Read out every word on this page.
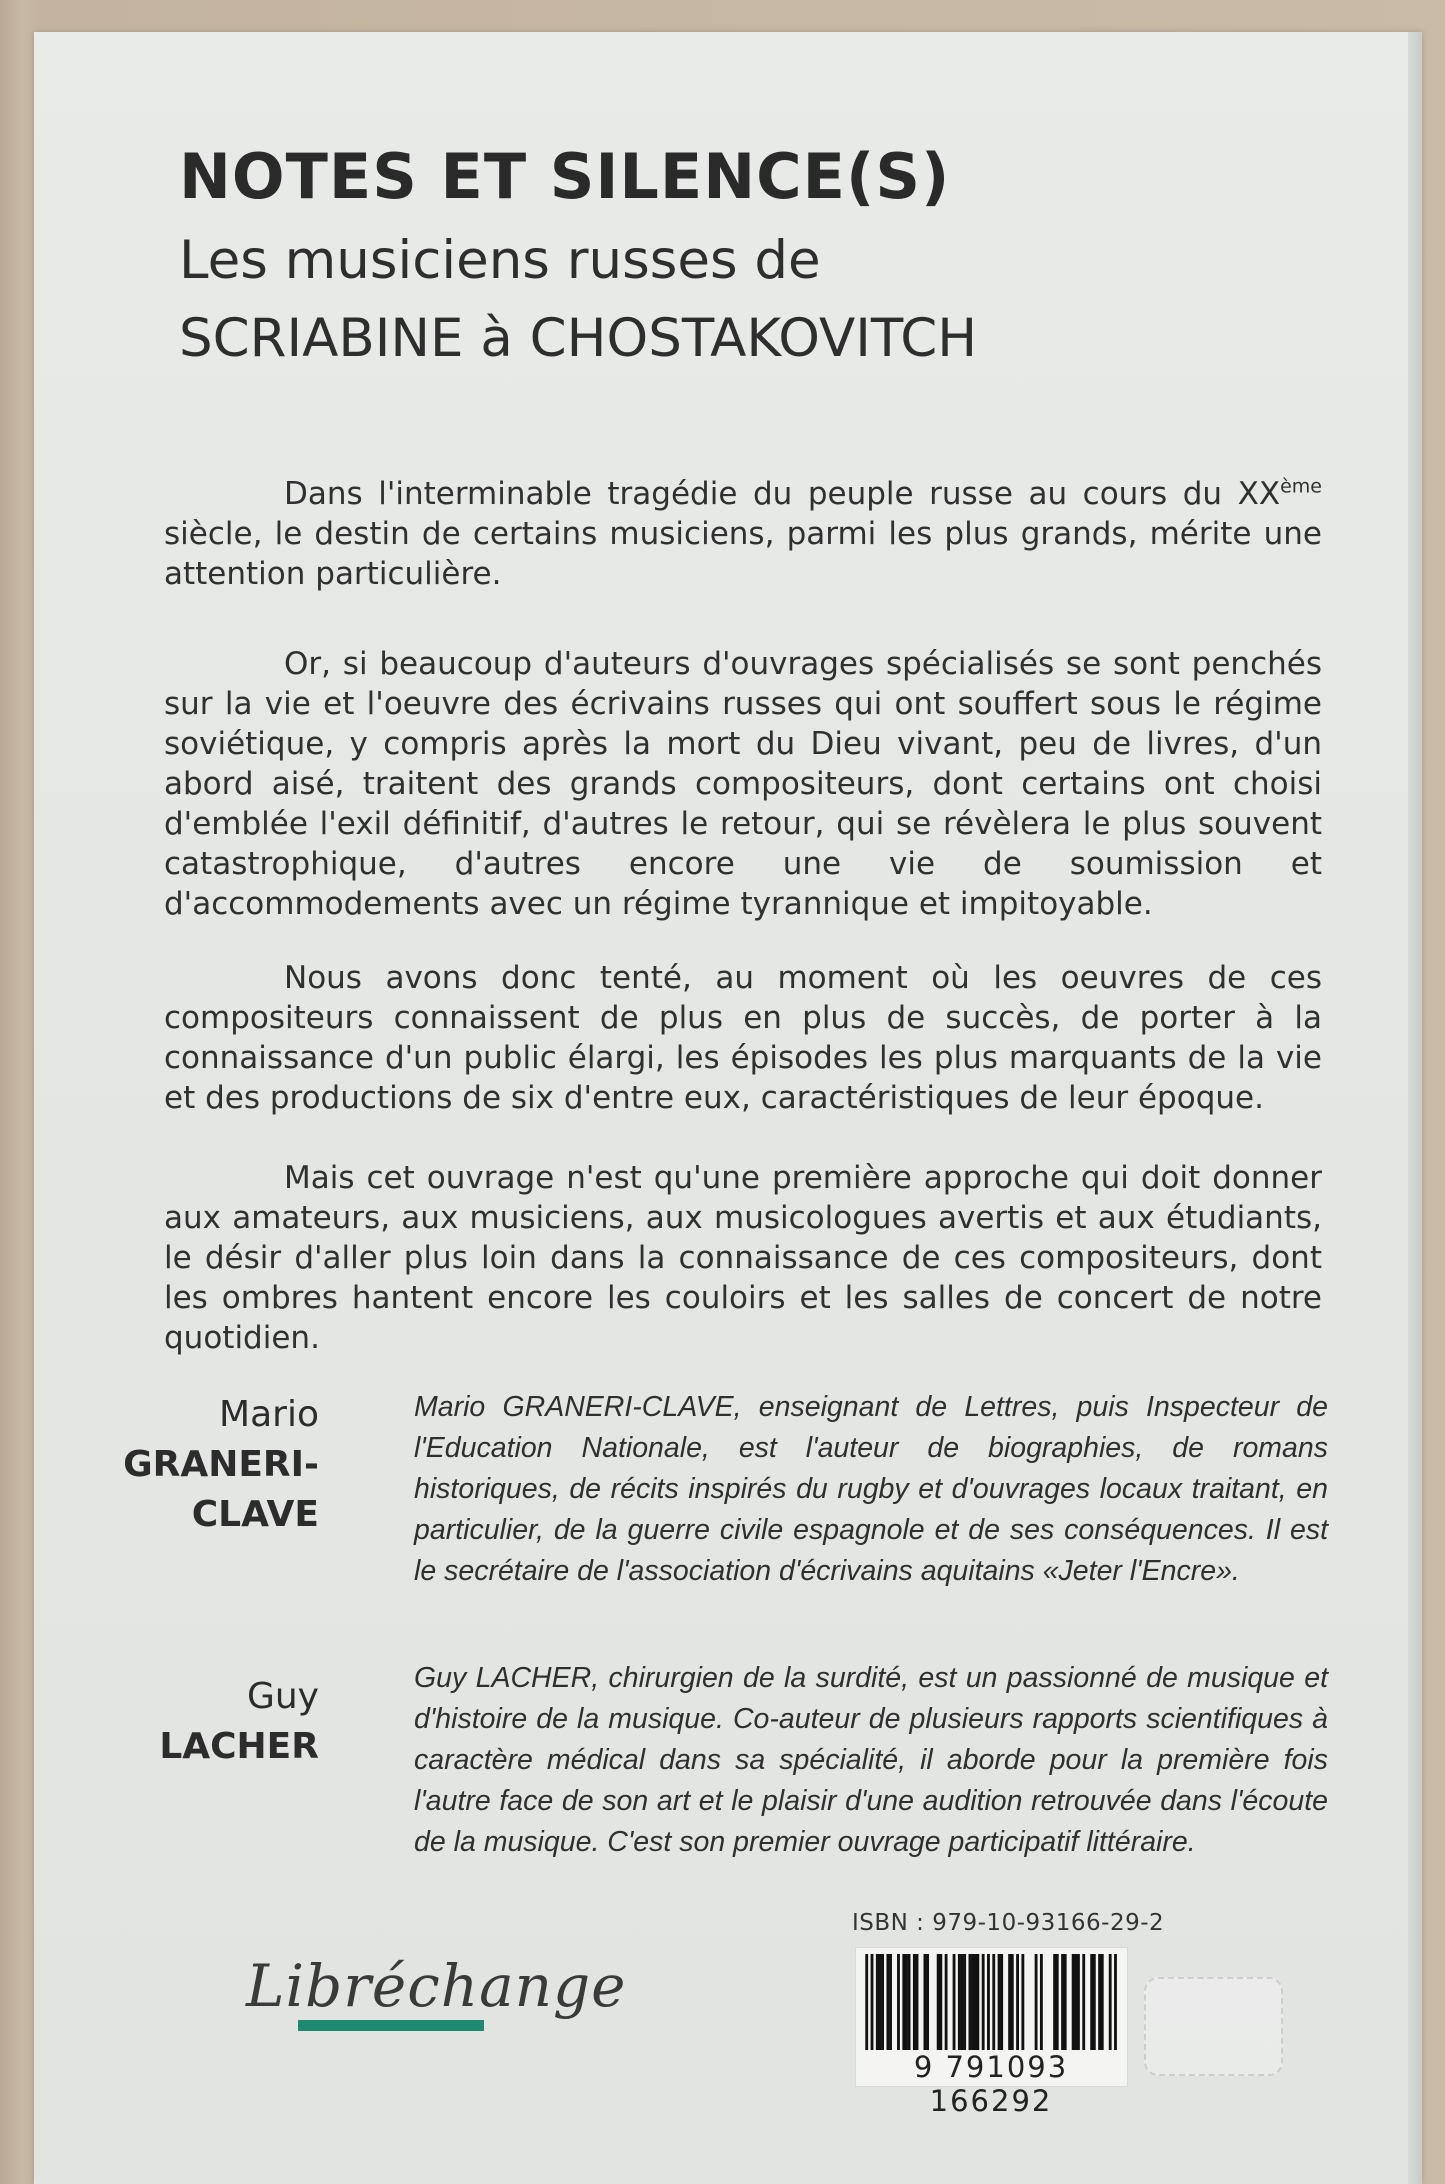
NOTES ET SILENCE(S)
Les musiciens russes de
SCRIABINE à CHOSTAKOVITCH

Dans l'interminable tragédie du peuple russe au cours du XXème siècle, le destin de certains musiciens, parmi les plus grands, mérite une attention particulière.

Or, si beaucoup d'auteurs d'ouvrages spécialisés se sont penchés sur la vie et l'oeuvre des écrivains russes qui ont souffert sous le régime soviétique, y compris après la mort du Dieu vivant, peu de livres, d'un abord aisé, traitent des grands compositeurs, dont certains ont choisi d'emblée l'exil définitif, d'autres le retour, qui se révèlera le plus souvent catastrophique, d'autres encore une vie de soumission et d'accommodements avec un régime tyrannique et impitoyable.

Nous avons donc tenté, au moment où les oeuvres de ces compositeurs connaissent de plus en plus de succès, de porter à la connaissance d'un public élargi, les épisodes les plus marquants de la vie et des productions de six d'entre eux, caractéristiques de leur époque.

Mais cet ouvrage n'est qu'une première approche qui doit donner aux amateurs, aux musiciens, aux musicologues avertis et aux étudiants, le désir d'aller plus loin dans la connaissance de ces compositeurs, dont les ombres hantent encore les couloirs et les salles de concert de notre quotidien.

Mario
GRANERI-
CLAVE

Mario GRANERI-CLAVE, enseignant de Lettres, puis Inspecteur de l'Education Nationale, est l'auteur de biographies, de romans historiques, de récits inspirés du rugby et d'ouvrages locaux traitant, en particulier, de la guerre civile espagnole et de ses conséquences. Il est le secrétaire de l'association d'écrivains aquitains «Jeter l'Encre».

Guy
LACHER

Guy LACHER, chirurgien de la surdité, est un passionné de musique et d'histoire de la musique. Co-auteur de plusieurs rapports scientifiques à caractère médical dans sa spécialité, il aborde pour la première fois l'autre face de son art et le plaisir d'une audition retrouvée dans l'écoute de la musique. C'est son premier ouvrage participatif littéraire.

Libréchange
ISBN : 979-10-93166-29-2
9 791093 166292
